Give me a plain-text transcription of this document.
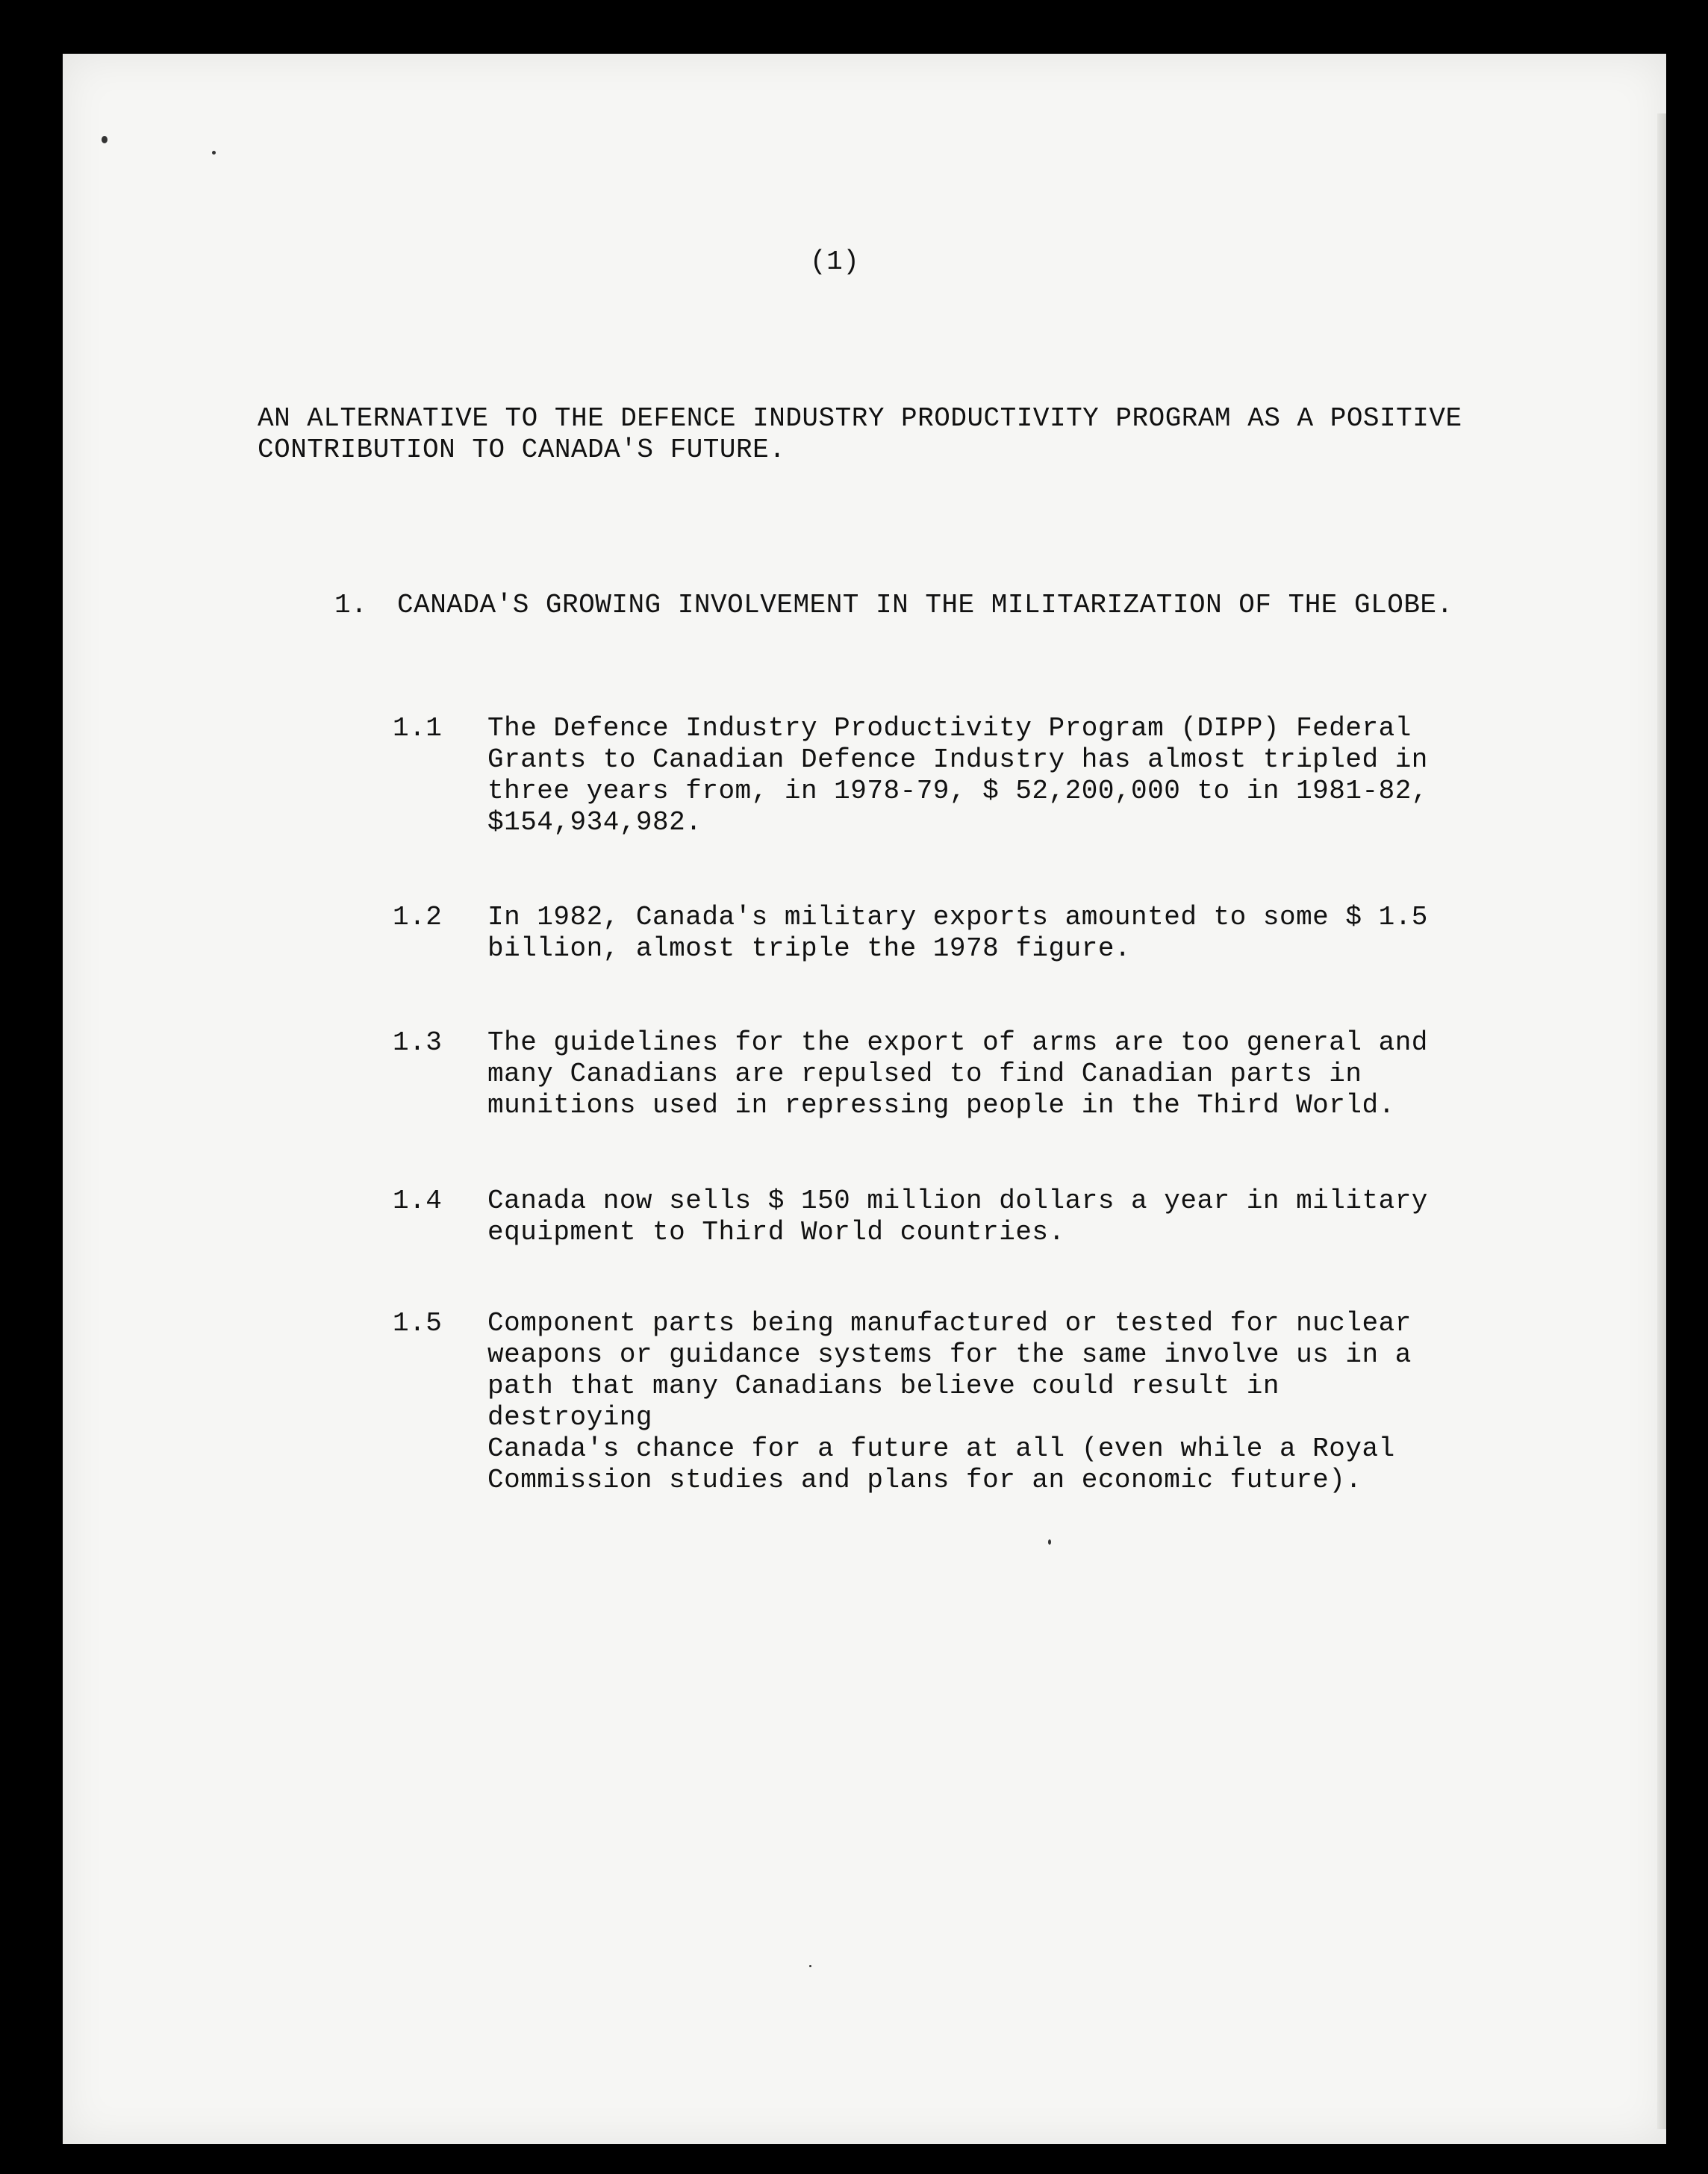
(1)
AN ALTERNATIVE TO THE DEFENCE INDUSTRY PRODUCTIVITY PROGRAM AS A POSITIVE
CONTRIBUTION TO CANADA'S FUTURE.
1. CANADA'S GROWING INVOLVEMENT IN THE MILITARIZATION OF THE GLOBE.
1.1 The Defence Industry Productivity Program (DIPP) Federal
Grants to Canadian Defence Industry has almost tripled in
three years from, in 1978-79, $ 52,200,000 to in 1981-82,
$154,934,982.
1.2 In 1982, Canada's military exports amounted to some $ 1.5
billion, almost triple the 1978 figure.
1.3 The guidelines for the export of arms are too general and
many Canadians are repulsed to find Canadian parts in
munitions used in repressing people in the Third World.
1.4 Canada now sells $ 150 million dollars a year in military
equipment to Third World countries.
1.5 Component parts being manufactured or tested for nuclear
weapons or guidance systems for the same involve us in a
path that many Canadians believe could result in destroying
Canada's chance for a future at all (even while a Royal
Commission studies and plans for an economic future).
